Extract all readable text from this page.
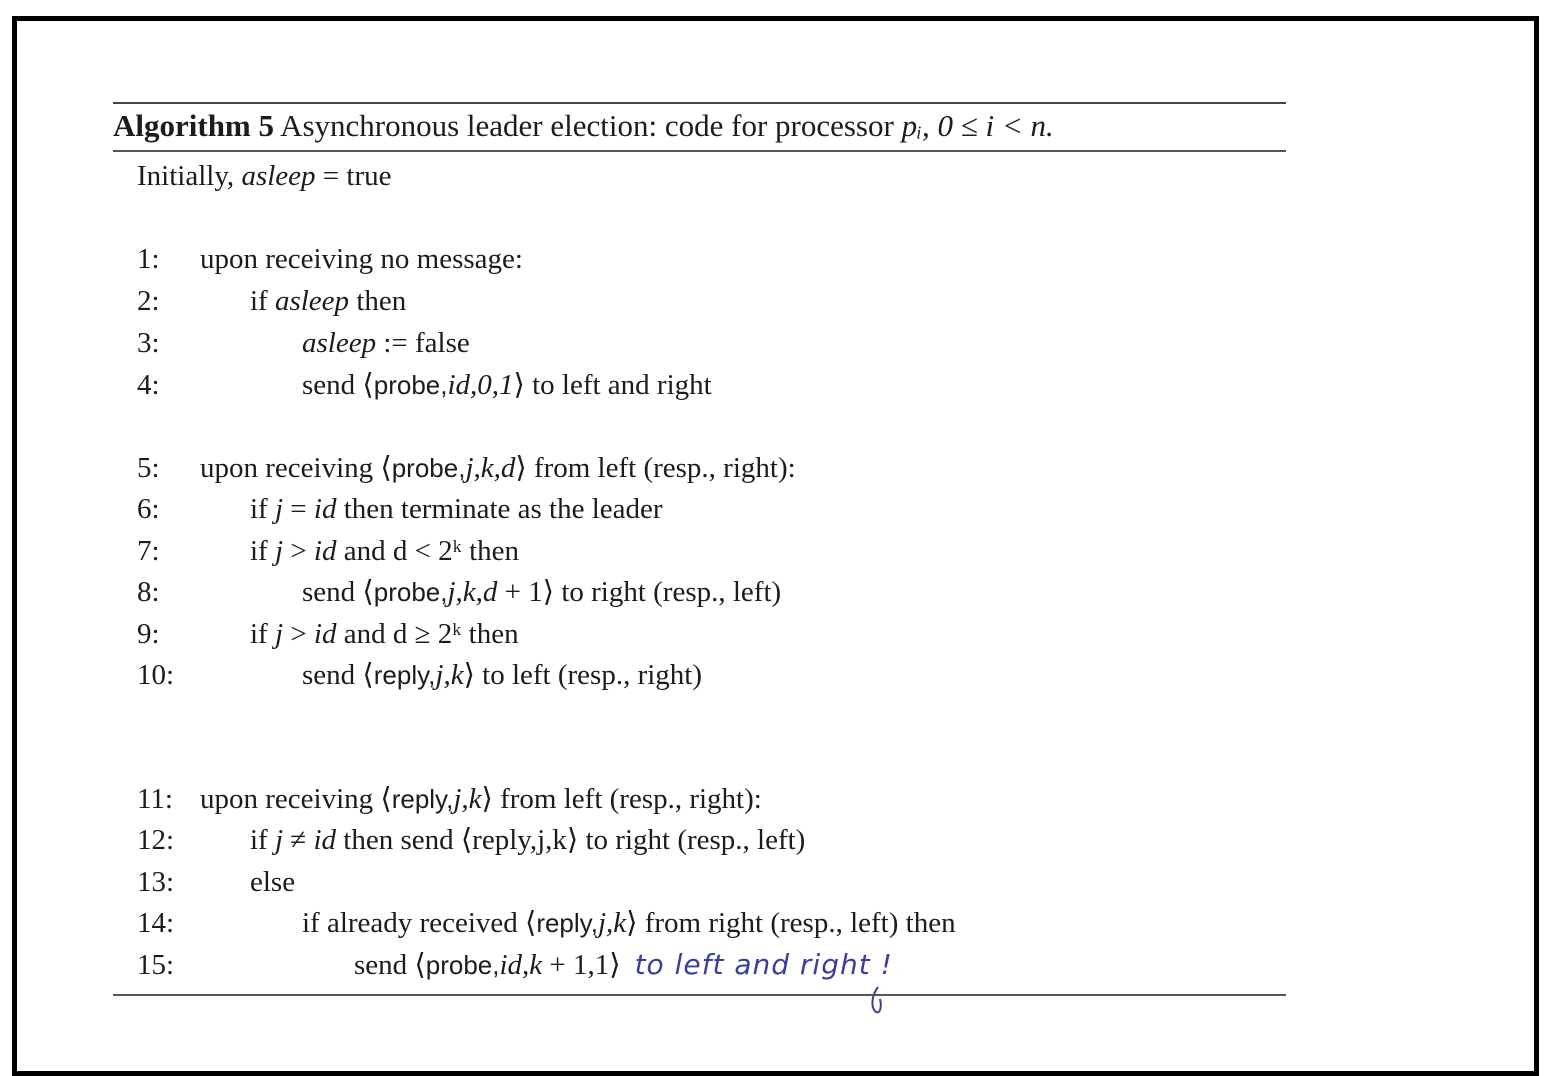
Algorithm 5 Asynchronous leader election: code for processor pᵢ, 0 ≤ i < n.
Initially, asleep = true
1:	upon receiving no message:
2:	if asleep then
3:	asleep := false
4:	send ⟨probe,id,0,1⟩ to left and right
5:	upon receiving ⟨probe,j,k,d⟩ from left (resp., right):
6:	if j = id then terminate as the leader
7:	if j > id and d < 2ᵏ then
8:	send ⟨probe,j,k,d + 1⟩ to right (resp., left)
9:	if j > id and d ≥ 2ᵏ then
10:	send ⟨reply,j,k⟩ to left (resp., right)
11: upon receiving ⟨reply,j,k⟩ from left (resp., right):
12:	if j ≠ id then send ⟨reply,j,k⟩ to right (resp., left)
13:	else
14:	if already received ⟨reply,j,k⟩ from right (resp., left) then
15:	send ⟨probe,id,k + 1,1⟩ to left and right !
